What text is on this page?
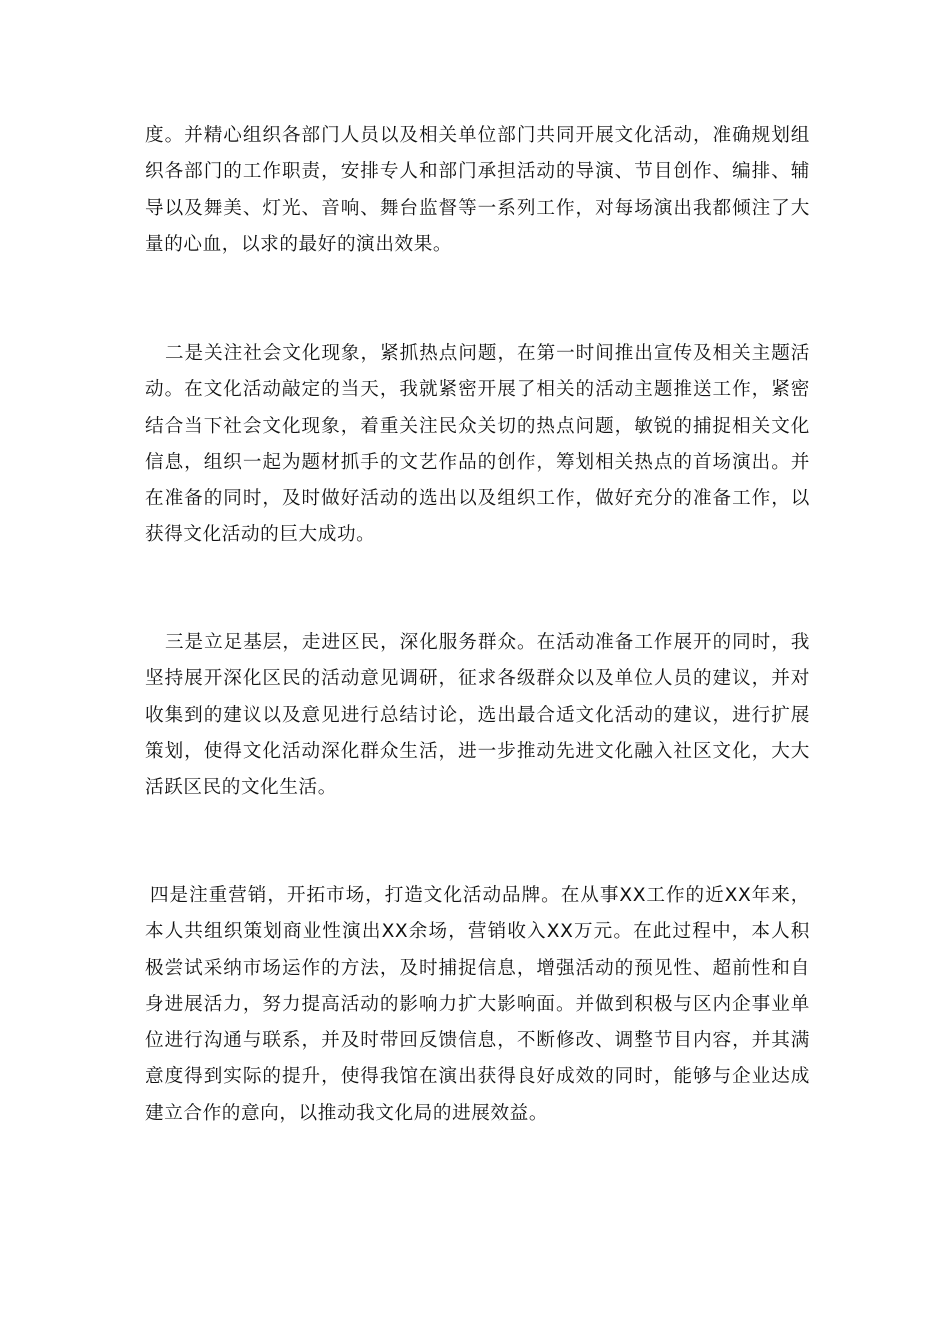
度。并精心组织各部门人员以及相关单位部门共同开展文化活动，准确规划组织各部门的工作职责，安排专人和部门承担活动的导演、节目创作、编排、辅导以及舞美、灯光、音响、舞台监督等一系列工作，对每场演出我都倾注了大量的心血，以求的最好的演出效果。

二是关注社会文化现象，紧抓热点问题，在第一时间推出宣传及相关主题活动。在文化活动敲定的当天，我就紧密开展了相关的活动主题推送工作，紧密结合当下社会文化现象，着重关注民众关切的热点问题，敏锐的捕捉相关文化信息，组织一起为题材抓手的文艺作品的创作，筹划相关热点的首场演出。并在准备的同时，及时做好活动的选出以及组织工作，做好充分的准备工作，以获得文化活动的巨大成功。

三是立足基层，走进区民，深化服务群众。在活动准备工作展开的同时，我坚持展开深化区民的活动意见调研，征求各级群众以及单位人员的建议，并对收集到的建议以及意见进行总结讨论，选出最合适文化活动的建议，进行扩展策划，使得文化活动深化群众生活，进一步推动先进文化融入社区文化，大大活跃区民的文化生活。

四是注重营销，开拓市场，打造文化活动品牌。在从事XX工作的近XX年来，本人共组织策划商业性演出XX余场，营销收入XX万元。在此过程中，本人积极尝试采纳市场运作的方法，及时捕捉信息，增强活动的预见性、超前性和自身进展活力，努力提高活动的影响力扩大影响面。并做到积极与区内企事业单位进行沟通与联系，并及时带回反馈信息，不断修改、调整节目内容，并其满意度得到实际的提升，使得我馆在演出获得良好成效的同时，能够与企业达成建立合作的意向，以推动我文化局的进展效益。
